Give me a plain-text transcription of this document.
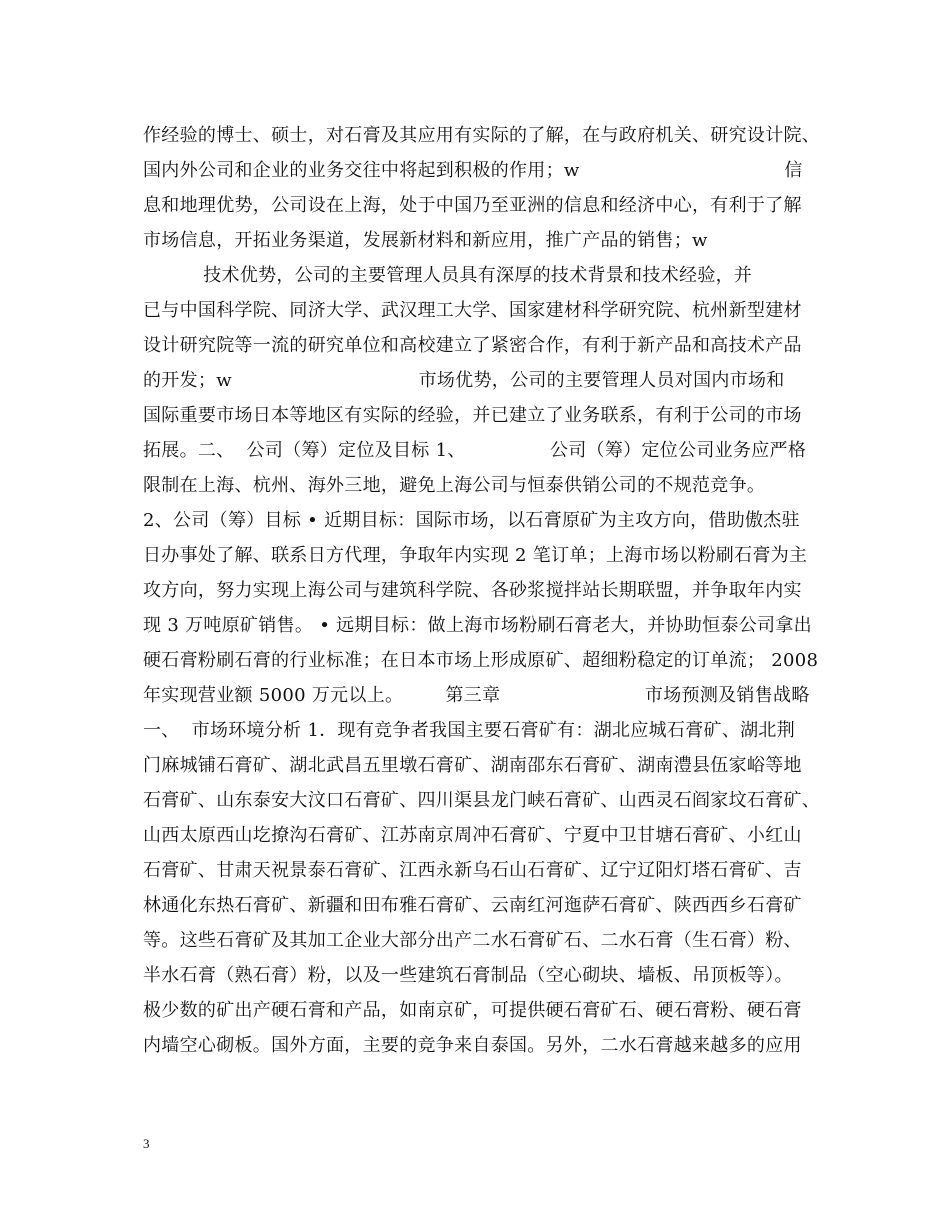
作经验的博士、硕士，对石膏及其应用有实际的了解，在与政府机关、研究设计院、
国内外公司和企业的业务交往中将起到积极的作用；w                                  信
息和地理优势，公司设在上海，处于中国乃至亚洲的信息和经济中心，有利于了解
市场信息，开拓业务渠道，发展新材料和新应用，推广产品的销售；w
技术优势，公司的主要管理人员具有深厚的技术背景和技术经验，并
已与中国科学院、同济大学、武汉理工大学、国家建材科学研究院、杭州新型建材
设计研究院等一流的研究单位和高校建立了紧密合作，有利于新产品和高技术产品
的开发；w                               市场优势，公司的主要管理人员对国内市场和
国际重要市场日本等地区有实际的经验，并已建立了业务联系，有利于公司的市场
拓展。二、  公司（筹）定位及目标 1、              公司（筹）定位公司业务应严格
限制在上海、杭州、海外三地，避免上海公司与恒泰供销公司的不规范竞争。
2、公司（筹）目标 • 近期目标：国际市场，以石膏原矿为主攻方向，借助傲杰驻
日办事处了解、联系日方代理，争取年内实现 2 笔订单；上海市场以粉刷石膏为主
攻方向，努力实现上海公司与建筑科学院、各砂浆搅拌站长期联盟，并争取年内实
现 3 万吨原矿销售。 • 远期目标：做上海市场粉刷石膏老大，并协助恒泰公司拿出
硬石膏粉刷石膏的行业标准；在日本市场上形成原矿、超细粉稳定的订单流； 2008
年实现营业额 5000 万元以上。       第三章                        市场预测及销售战略
一、  市场环境分析 1．现有竞争者我国主要石膏矿有：湖北应城石膏矿、湖北荆
门麻城铺石膏矿、湖北武昌五里墩石膏矿、湖南邵东石膏矿、湖南澧县伍家峪等地
石膏矿、山东泰安大汶口石膏矿、四川渠县龙门峡石膏矿、山西灵石阎家坟石膏矿、
山西太原西山圪撩沟石膏矿、江苏南京周冲石膏矿、宁夏中卫甘塘石膏矿、小红山
石膏矿、甘肃天祝景泰石膏矿、江西永新乌石山石膏矿、辽宁辽阳灯塔石膏矿、吉
林通化东热石膏矿、新疆和田布雅石膏矿、云南红河迤萨石膏矿、陕西西乡石膏矿
等。这些石膏矿及其加工企业大部分出产二水石膏矿石、二水石膏（生石膏）粉、
半水石膏（熟石膏）粉，以及一些建筑石膏制品（空心砌块、墙板、吊顶板等）。
极少数的矿出产硬石膏和产品，如南京矿，可提供硬石膏矿石、硬石膏粉、硬石膏
内墙空心砌板。国外方面，主要的竞争来自泰国。另外，二水石膏越来越多的应用
3
